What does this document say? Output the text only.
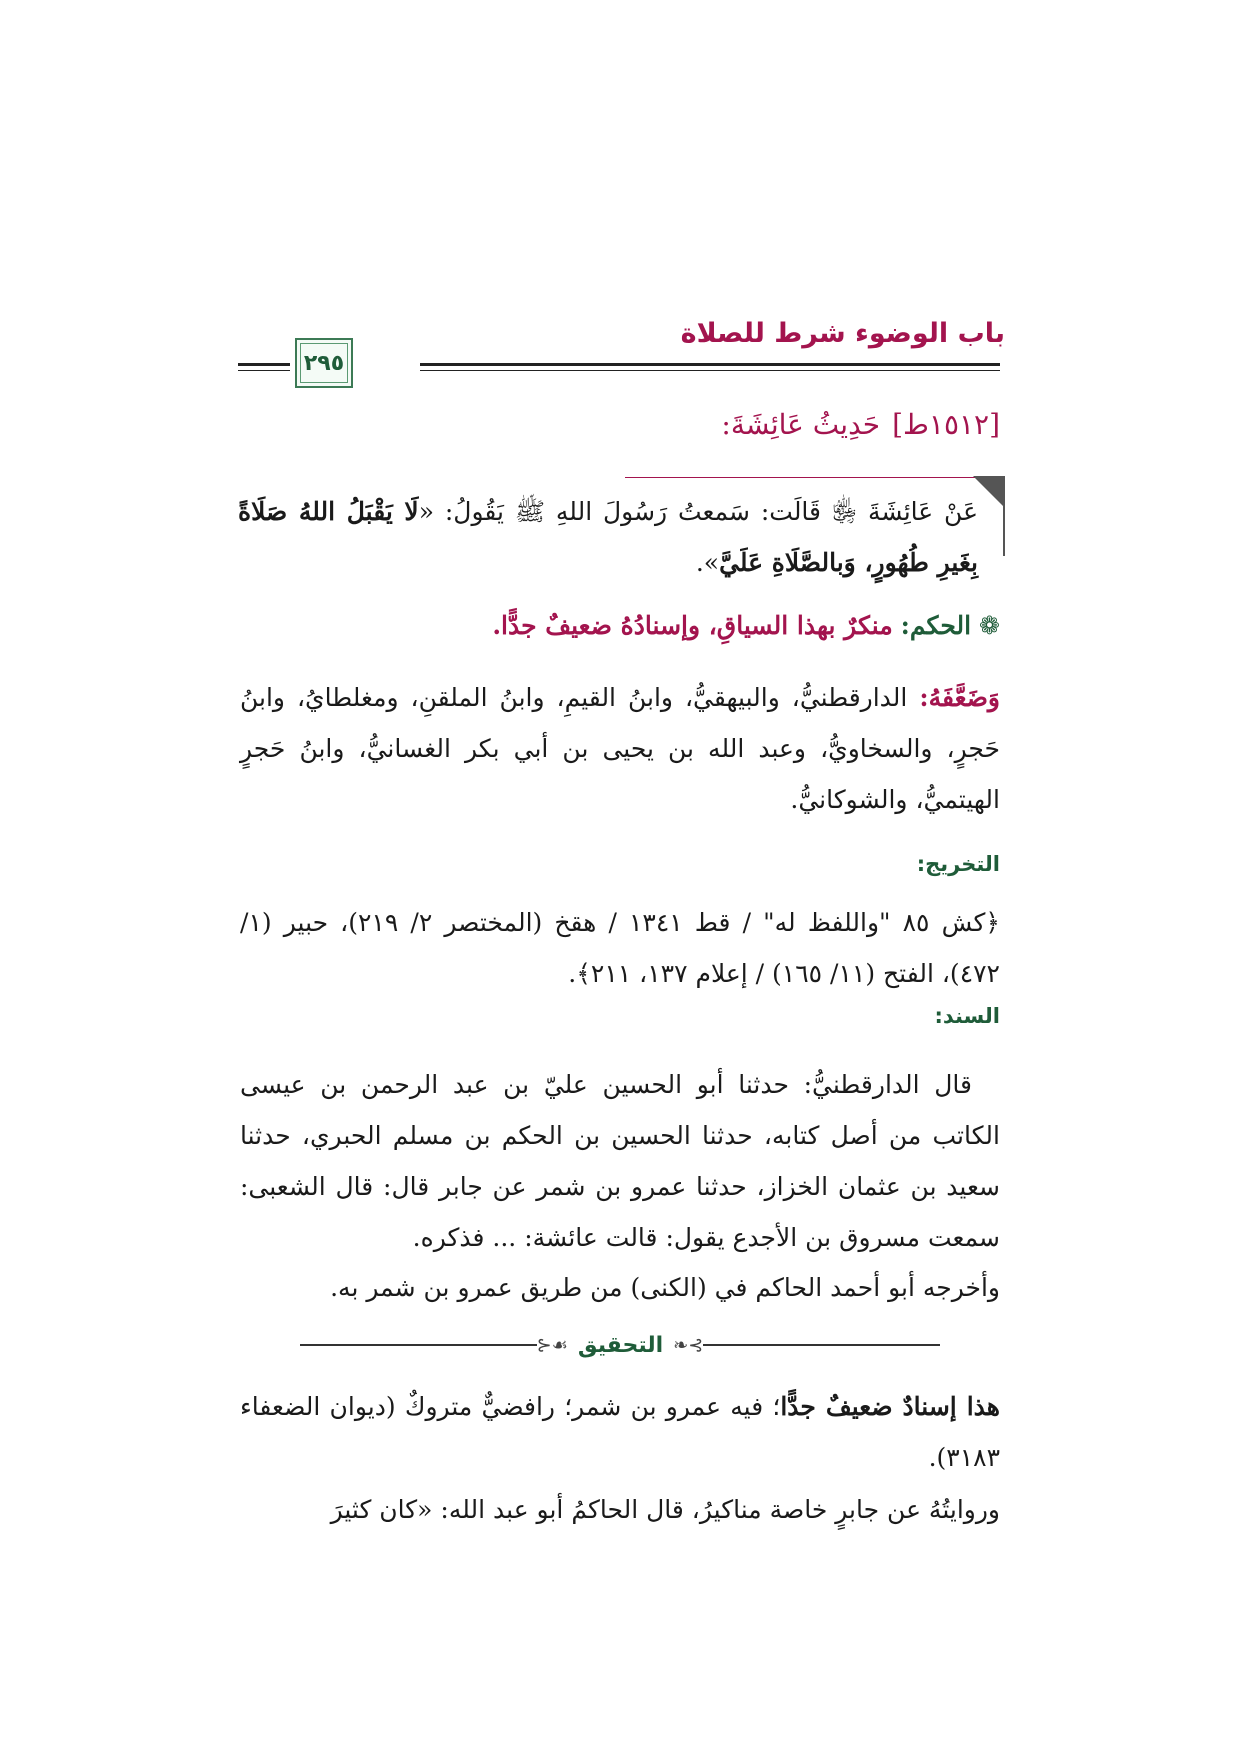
باب الوضوء شرط للصلاة
٢٩٥
[١٥١٢ط]حَدِيثُ عَائِشَةَ:
عَنْ عَائِشَةَ ﵂ قَالَت: سَمعتُ رَسُولَ اللهِ ﷺ يَقُولُ: «لَا يَقْبَلُ اللهُ صَلَاةً بِغَيرِ طُهُورٍ، وَبالصَّلَاةِ عَلَيَّ».
❁الحكم: منكرٌ بهذا السياقِ، وإسنادُهُ ضعيفٌ جدًّا.
وَضَعَّفَهُ: الدارقطنيُّ، والبيهقيُّ، وابنُ القيمِ، وابنُ الملقنِ، ومغلطايُ، وابنُ حَجرٍ، والسخاويُّ، وعبد الله بن يحيى بن أبي بكر الغسانيُّ، وابنُ حَجرٍ الهيتميُّ، والشوكانيُّ.
التخريج:
﴿كش ٨٥ "واللفظ له" / قط ١٣٤١ / هقخ (المختصر ٢/ ٢١٩)، حبير (١/ ٤٧٢)، الفتح (١١/ ١٦٥) / إعلام ١٣٧، ٢١١﴾.
السند:
قال الدارقطنيُّ: حدثنا أبو الحسين عليّ بن عبد الرحمن بن عيسى الكاتب من أصل كتابه، حدثنا الحسين بن الحكم بن مسلم الحبري، حدثنا سعيد بن عثمان الخزاز، حدثنا عمرو بن شمر عن جابر قال: قال الشعبى: سمعت مسروق بن الأجدع يقول: قالت عائشة: ... فذكره.
وأخرجه أبو أحمد الحاكم في (الكنى) من طريق عمرو بن شمر به.
⊱❧
التحقيق
☙⊰
هذا إسنادٌ ضعيفٌ جدًّا؛ فيه عمرو بن شمر؛ رافضيٌّ متروكٌ (ديوان الضعفاء ٣١٨٣).
وروايتُهُ عن جابرٍ خاصة مناكيرُ، قال الحاكمُ أبو عبد الله: «كان كثيرَ
